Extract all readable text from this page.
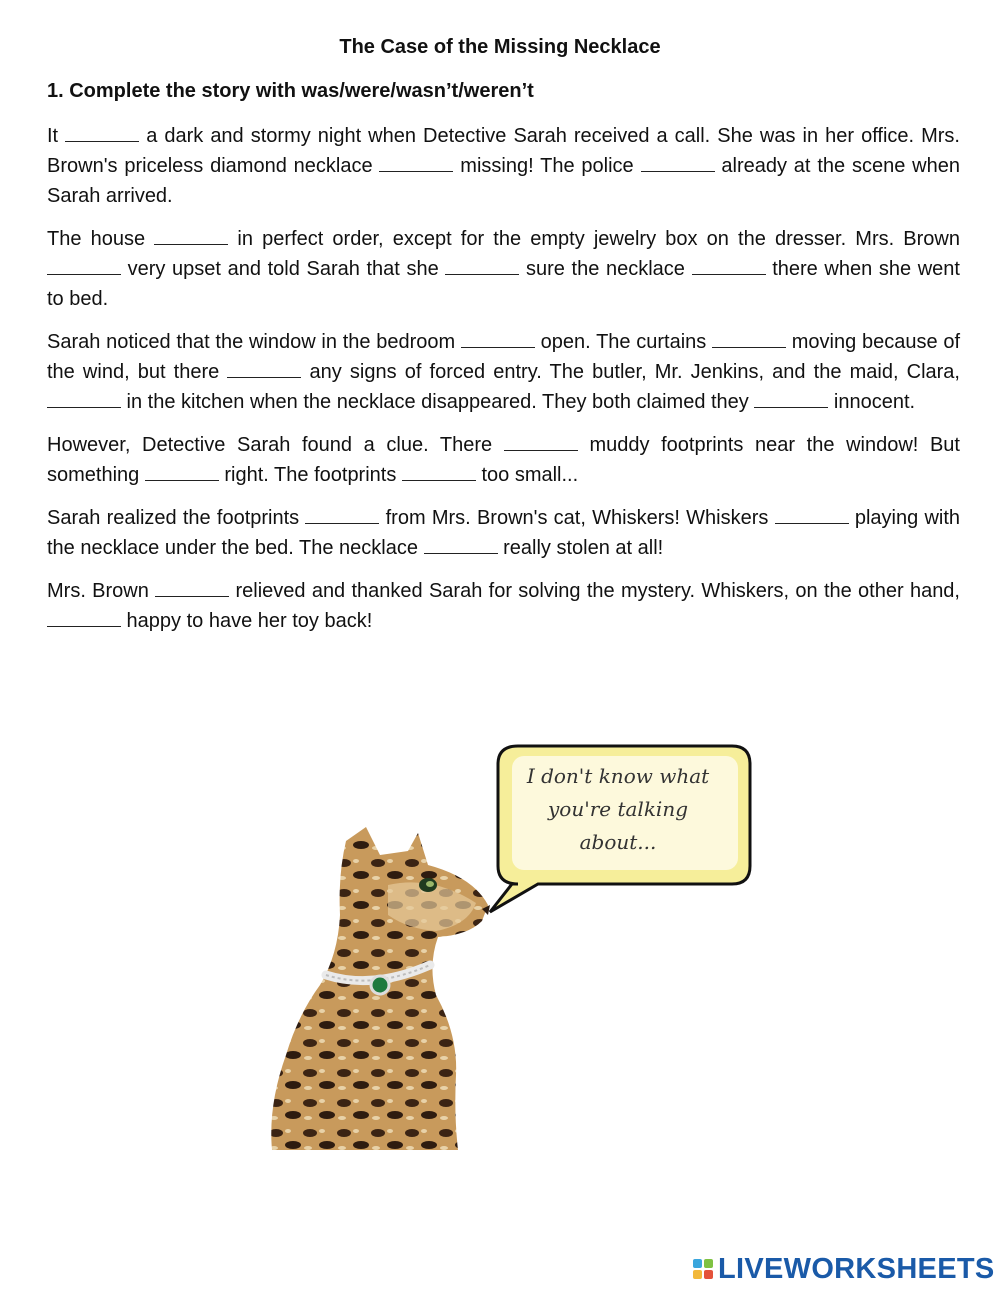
The Case of the Missing Necklace
1. Complete the story with was/were/wasn’t/weren’t

It	a dark and stormy night when Detective Sarah received a call. She was in her office. Mrs. Brown's priceless diamond necklace	missing! The police	already at the scene when Sarah arrived.

The house	in perfect order, except for the empty jewelry box on the dresser. Mrs. Brown  very upset and told Sarah that she	sure the necklace	there when she went to bed.

Sarah noticed that the window in the bedroom	open. The curtains	moving because of the wind, but there	any signs of forced entry. The butler, Mr. Jenkins, and the maid, Clara,  in the kitchen when the necklace disappeared. They both claimed they	innocent.

However, Detective Sarah found a clue. There	muddy footprints near the window! But something	right. The footprints	too small...

Sarah realized the footprints	from Mrs. Brown's cat, Whiskers! Whiskers	playing with the necklace under the bed. The necklace	really stolen at all!

Mrs. Brown	relieved and thanked Sarah for solving the mystery. Whiskers, on the other hand,  happy to have her toy back!

I don't know what
you're talking
about...
LIVEWORKSHEETS
